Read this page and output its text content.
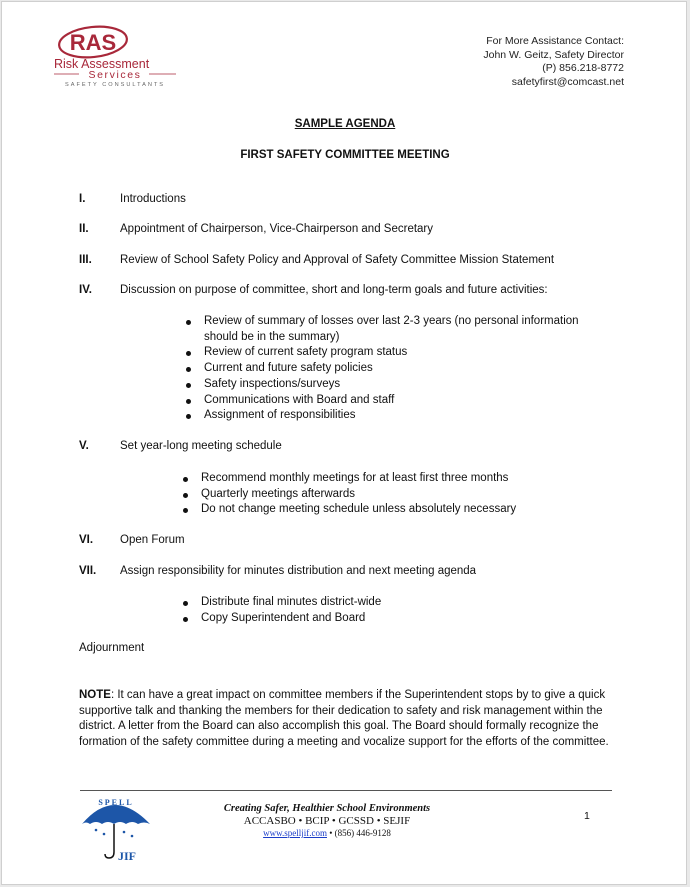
RAS
Risk Assessment
Services
SAFETY CONSULTANTS
For More Assistance Contact:
John W. Geitz, Safety Director
(P) 856.218-8772
safetyfirst@comcast.net
SAMPLE AGENDA
FIRST SAFETY COMMITTEE MEETING
I.	Introductions
II.	Appointment of Chairperson, Vice-Chairperson and Secretary
III.	Review of School Safety Policy and Approval of Safety Committee Mission Statement
IV.	Discussion on purpose of committee, short and long-term goals and future activities:
Review of summary of losses over last 2-3 years (no personal information
should be in the summary)
Review of current safety program status
Current and future safety policies
Safety inspections/surveys
Communications with Board and staff
Assignment of responsibilities
V.	Set year-long meeting schedule
Recommend monthly meetings for at least first three months
Quarterly meetings afterwards
Do not change meeting schedule unless absolutely necessary
VI.	Open Forum
VII.	Assign responsibility for minutes distribution and next meeting agenda
Distribute final minutes district-wide
Copy Superintendent and Board
Adjournment
NOTE: It can have a great impact on committee members if the Superintendent stops by to give a quick supportive talk and thanking the members for their dedication to safety and risk management within the district. A letter from the Board can also accomplish this goal. The Board should formally recognize the formation of the safety committee during a meeting and vocalize support for the efforts of the committee.
SPELL
JIF
Creating Safer, Healthier School Environments
ACCASBO • BCIP • GCSSD • SEJIF
www.spelljif.com • (856) 446-9128
1
